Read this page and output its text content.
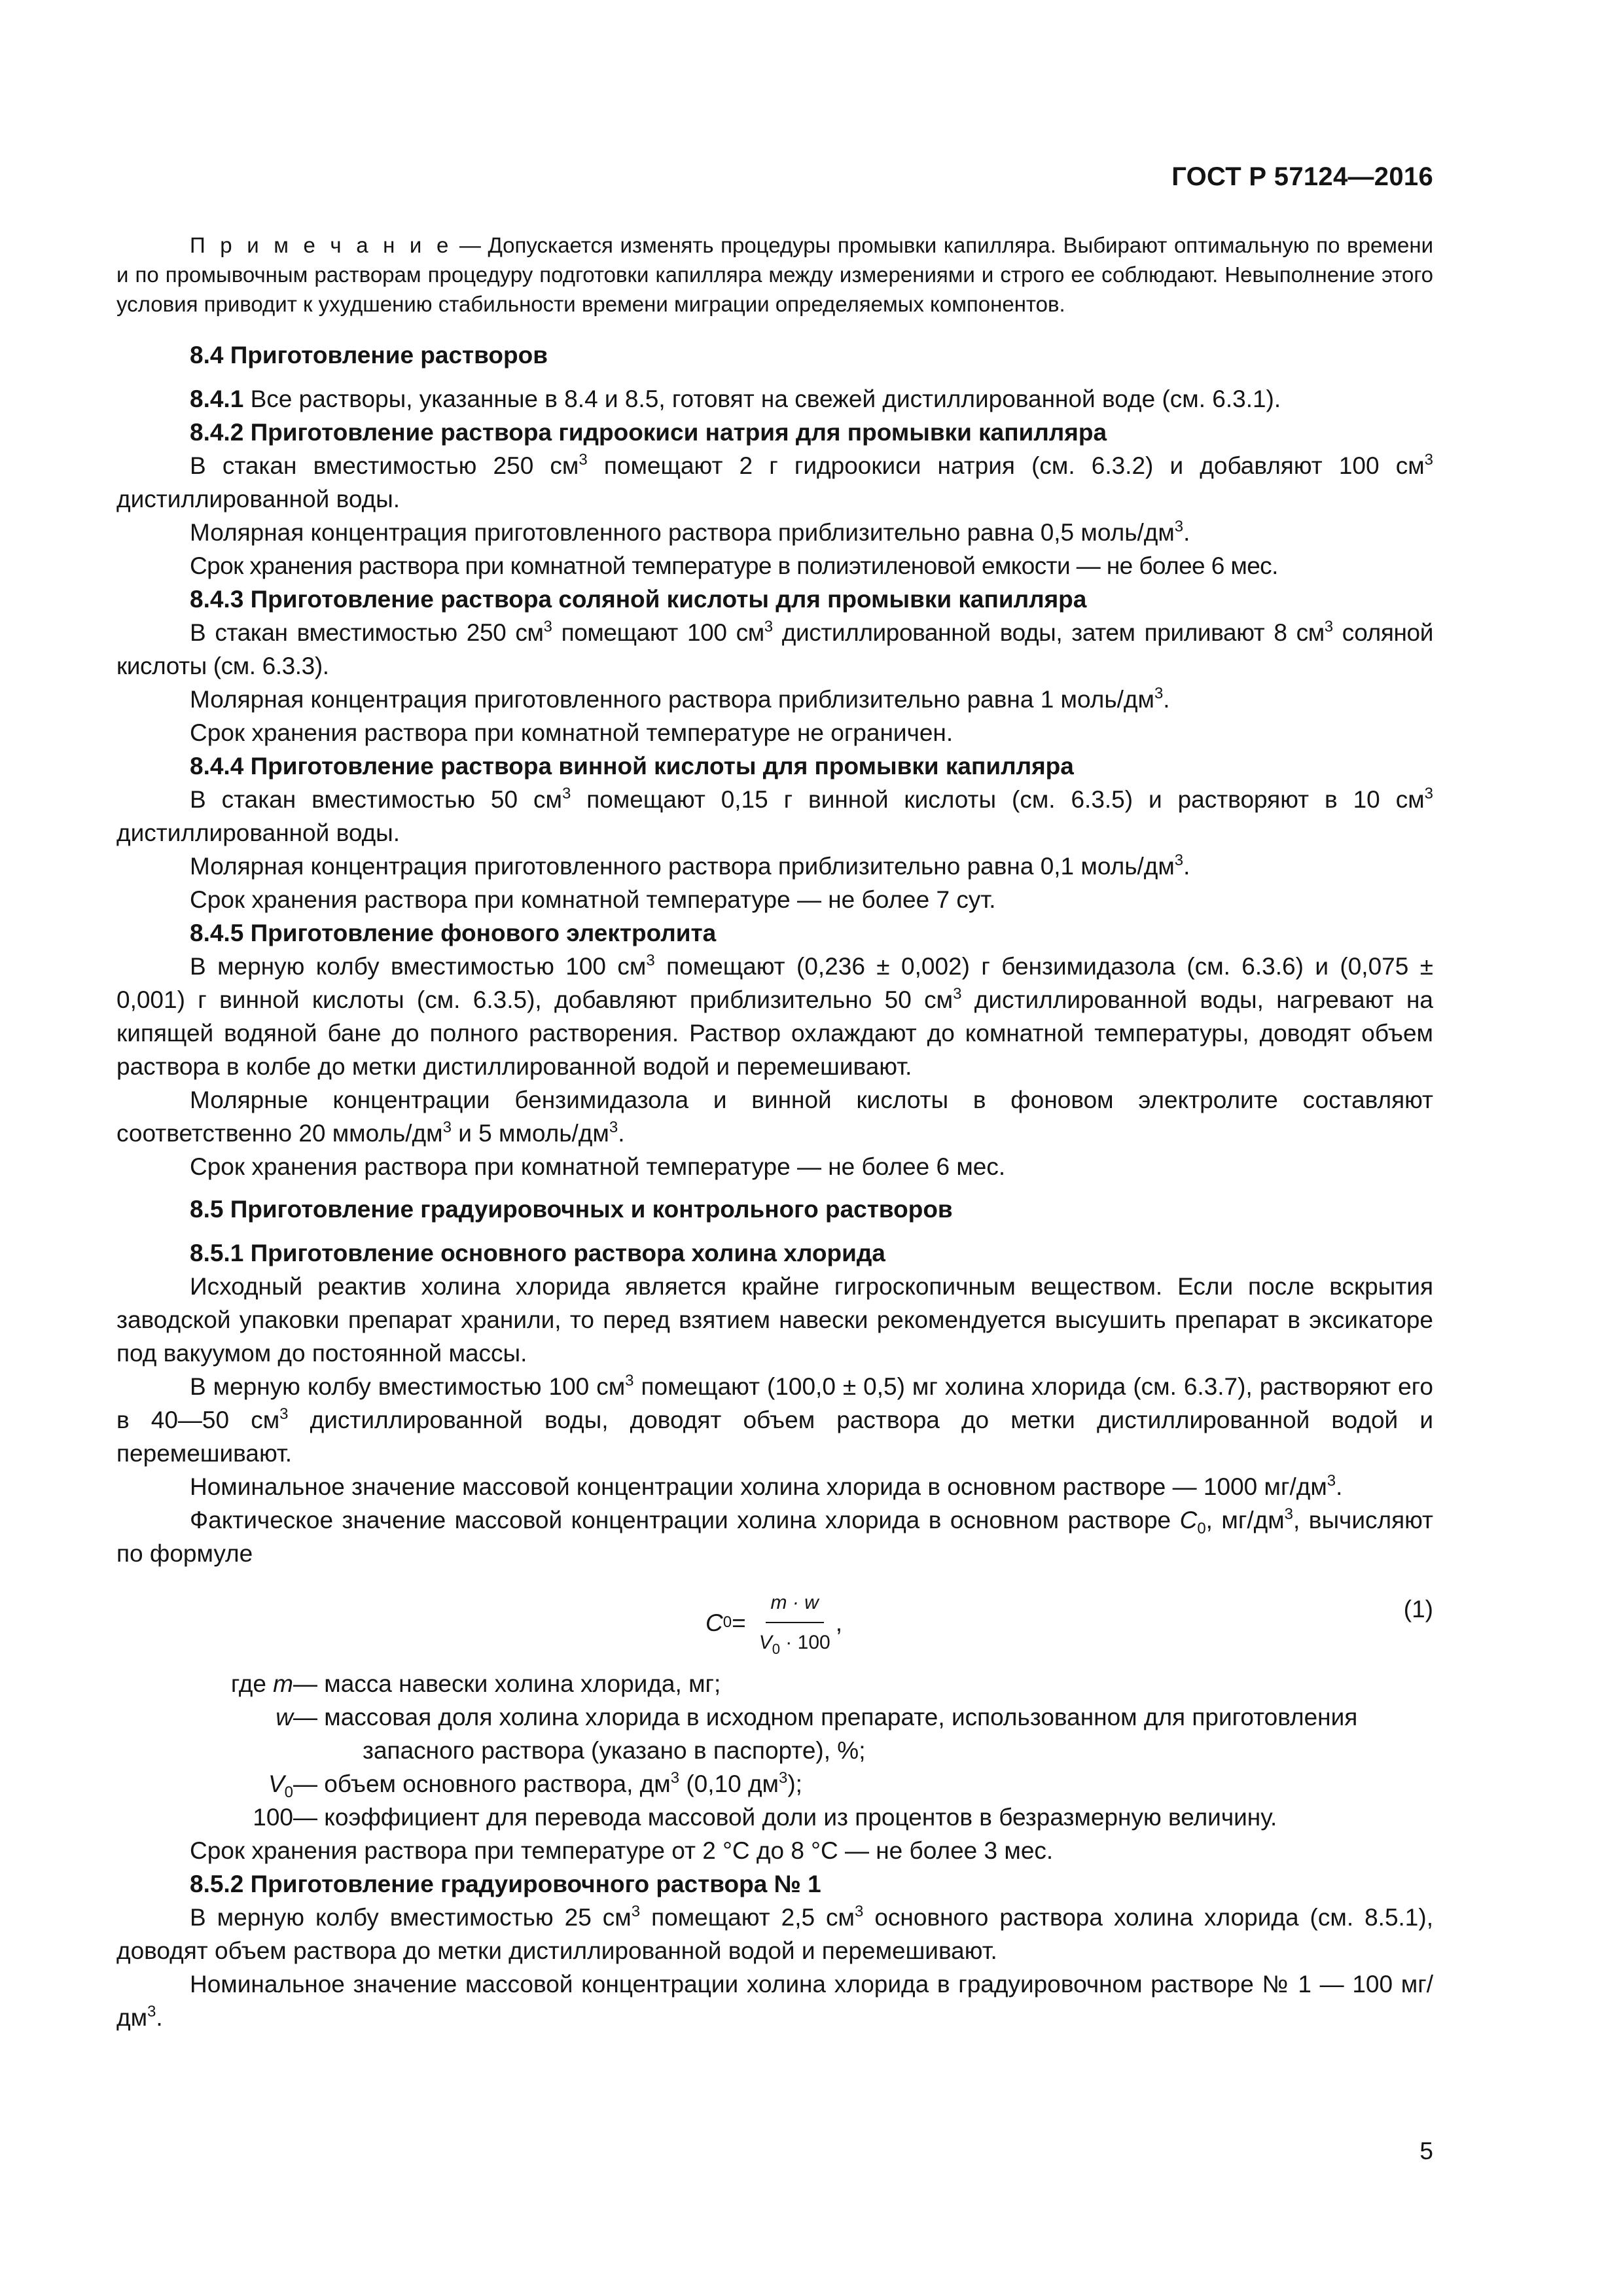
ГОСТ Р 57124—2016

П р и м е ч а н и е — Допускается изменять процедуры промывки капилляра. Выбирают оптимальную по времени и по промывочным растворам процедуру подготовки капилляра между измерениями и строго ее соблюдают. Невыполнение этого условия приводит к ухудшению стабильности времени миграции определяемых компонентов.

8.4 Приготовление растворов

8.4.1 Все растворы, указанные в 8.4 и 8.5, готовят на свежей дистиллированной воде (см. 6.3.1).

8.4.2 Приготовление раствора гидроокиси натрия для промывки капилляра

В стакан вместимостью 250 $см^3$ помещают 2 г гидроокиси натрия (см. 6.3.2) и добавляют 100 $см^3$ дистиллированной воды.

Молярная концентрация приготовленного раствора приблизительно равна 0,5 моль/$дм^3$.

Срок хранения раствора при комнатной температуре в полиэтиленовой емкости — не более 6 мес.

8.4.3 Приготовление раствора соляной кислоты для промывки капилляра

В стакан вместимостью 250 $см^3$ помещают 100 $см^3$ дистиллированной воды, затем приливают 8 $см^3$ соляной кислоты (см. 6.3.3).

Молярная концентрация приготовленного раствора приблизительно равна 1 моль/$дм^3$.

Срок хранения раствора при комнатной температуре не ограничен.

8.4.4 Приготовление раствора винной кислоты для промывки капилляра

В стакан вместимостью 50 $см^3$ помещают 0,15 г винной кислоты (см. 6.3.5) и растворяют в 10 $см^3$ дистиллированной воды.

Молярная концентрация приготовленного раствора приблизительно равна 0,1 моль/$дм^3$.

Срок хранения раствора при комнатной температуре — не более 7 сут.

8.4.5 Приготовление фонового электролита

В мерную колбу вместимостью 100 $см^3$ помещают (0,236 ± 0,002) г бензимидазола (см. 6.3.6) и (0,075 ± 0,001) г винной кислоты (см. 6.3.5), добавляют приблизительно 50 $см^3$ дистиллированной воды, нагревают на кипящей водяной бане до полного растворения. Раствор охлаждают до комнатной температуры, доводят объем раствора в колбе до метки дистиллированной водой и перемешивают.

Молярные концентрации бензимидазола и винной кислоты в фоновом электролите составляют соответственно 20 ммоль/$дм^3$ и 5 ммоль/$дм^3$.

Срок хранения раствора при комнатной температуре — не более 6 мес.

8.5 Приготовление градуировочных и контрольного растворов

8.5.1 Приготовление основного раствора холина хлорида

Исходный реактив холина хлорида является крайне гигроскопичным веществом. Если после вскрытия заводской упаковки препарат хранили, то перед взятием навески рекомендуется высушить препарат в эксикаторе под вакуумом до постоянной массы.

В мерную колбу вместимостью 100 $см^3$ помещают (100,0 ± 0,5) мг холина хлорида (см. 6.3.7), растворяют его в 40—50 $см^3$ дистиллированной воды, доводят объем раствора до метки дистиллированной водой и перемешивают.

Номинальное значение массовой концентрации холина хлорида в основном растворе — 1000 $мг/дм^3$.

Фактическое значение массовой концентрации холина хлорида в основном растворе $C_0$, $мг/дм^3$, вычисляют по формуле

C $0 = \frac{m \cdot w}{V_0 \cdot 100}$ ,	(1)
где m — масса навески холина хлорида, мг;
w — массовая доля холина хлорида в исходном препарате, использованном для приготовления
запасного раствора (указано в паспорте), %;
$V_0$ — объем основного раствора, $дм^3$ (0,10 $дм^3$);
100 — коэффициент для перевода массовой доли из процентов в безразмерную величину.

Срок хранения раствора при температуре от 2 °С до 8 °С — не более 3 мес.

8.5.2 Приготовление градуировочного раствора № 1

В мерную колбу вместимостью 25 $см^3$ помещают 2,5 $см^3$ основного раствора холина хлорида (см. 8.5.1), доводят объем раствора до метки дистиллированной водой и перемешивают.

Номинальное значение массовой концентрации холина хлорида в градуировочном растворе № 1 — 100 $мг/дм^3$.

5
